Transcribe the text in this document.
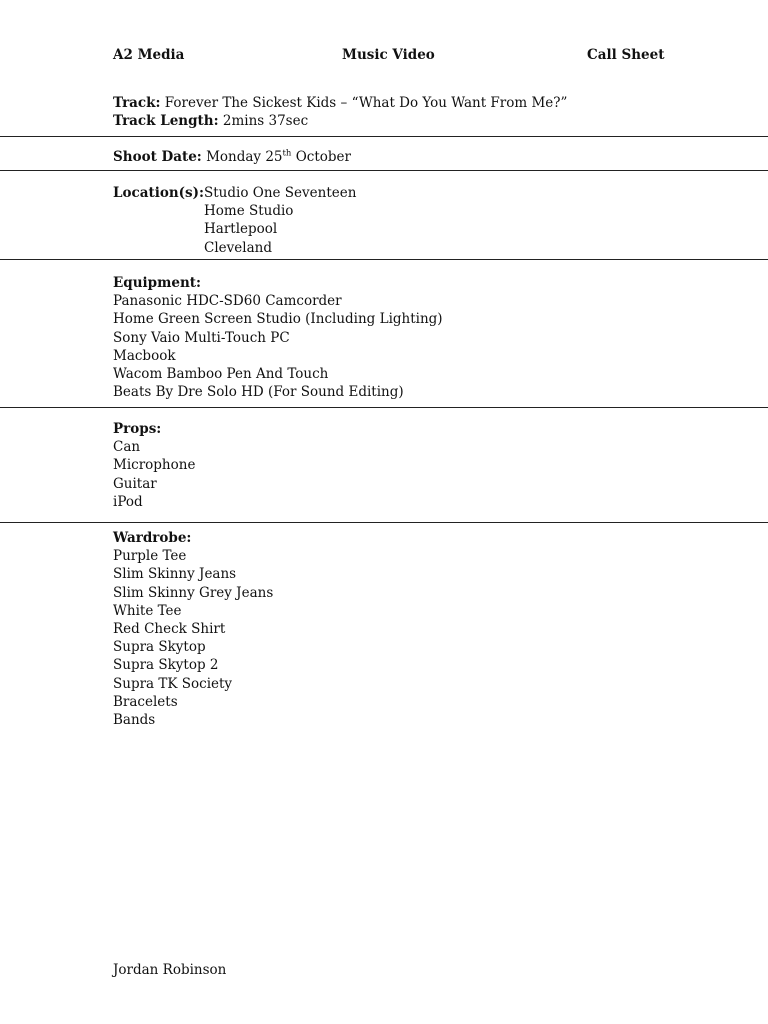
A2 Media	Music Video	Call Sheet
Track: Forever The Sickest Kids – “What Do You Want From Me?”
Track Length: 2mins 37sec
Shoot Date: Monday 25th October
Location(s): Studio One Seventeen
Home Studio
Hartlepool
Cleveland
Equipment:
Panasonic HDC-SD60 Camcorder
Home Green Screen Studio (Including Lighting)
Sony Vaio Multi-Touch PC
Macbook
Wacom Bamboo Pen And Touch
Beats By Dre Solo HD (For Sound Editing)
Props:
Can
Microphone
Guitar
iPod
Wardrobe:
Purple Tee
Slim Skinny Jeans
Slim Skinny Grey Jeans
White Tee
Red Check Shirt
Supra Skytop
Supra Skytop 2
Supra TK Society
Bracelets
Bands
Jordan Robinson
